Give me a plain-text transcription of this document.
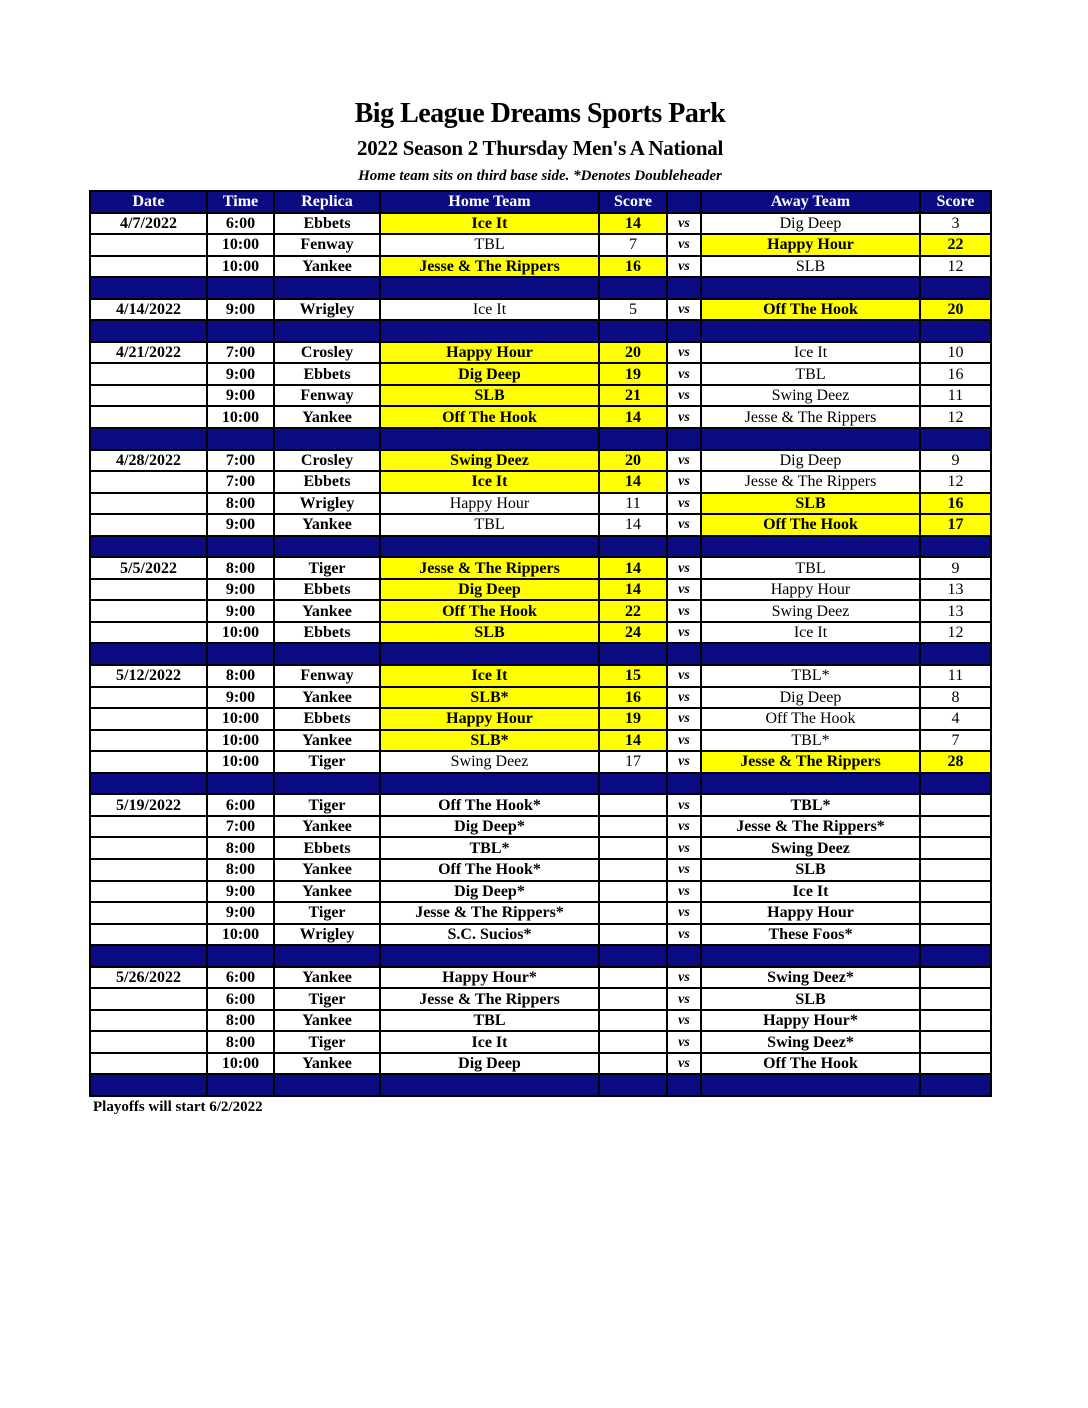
Big League Dreams Sports Park
2022 Season 2 Thursday Men's A National
Home team sits on third base side. *Denotes Doubleheader
Date	Time	Replica	Home Team	Score		Away Team	Score
4/7/2022	6:00	Ebbets	Ice It	14	vs	Dig Deep	3
	10:00	Fenway	TBL	7	vs	Happy Hour	22
	10:00	Yankee	Jesse & The Rippers	16	vs	SLB	12

4/14/2022	9:00	Wrigley	Ice It	5	vs	Off The Hook	20

4/21/2022	7:00	Crosley	Happy Hour	20	vs	Ice It	10
	9:00	Ebbets	Dig Deep	19	vs	TBL	16
	9:00	Fenway	SLB	21	vs	Swing Deez	11
	10:00	Yankee	Off The Hook	14	vs	Jesse & The Rippers	12

4/28/2022	7:00	Crosley	Swing Deez	20	vs	Dig Deep	9
	7:00	Ebbets	Ice It	14	vs	Jesse & The Rippers	12
	8:00	Wrigley	Happy Hour	11	vs	SLB	16
	9:00	Yankee	TBL	14	vs	Off The Hook	17

5/5/2022	8:00	Tiger	Jesse & The Rippers	14	vs	TBL	9
	9:00	Ebbets	Dig Deep	14	vs	Happy Hour	13
	9:00	Yankee	Off The Hook	22	vs	Swing Deez	13
	10:00	Ebbets	SLB	24	vs	Ice It	12

5/12/2022	8:00	Fenway	Ice It	15	vs	TBL*	11
	9:00	Yankee	SLB*	16	vs	Dig Deep	8
	10:00	Ebbets	Happy Hour	19	vs	Off The Hook	4
	10:00	Yankee	SLB*	14	vs	TBL*	7
	10:00	Tiger	Swing Deez	17	vs	Jesse & The Rippers	28

5/19/2022	6:00	Tiger	Off The Hook*		vs	TBL*	
	7:00	Yankee	Dig Deep*		vs	Jesse & The Rippers*	
	8:00	Ebbets	TBL*		vs	Swing Deez	
	8:00	Yankee	Off The Hook*		vs	SLB	
	9:00	Yankee	Dig Deep*		vs	Ice It	
	9:00	Tiger	Jesse & The Rippers*		vs	Happy Hour	
	10:00	Wrigley	S.C. Sucios*		vs	These Foos*	

5/26/2022	6:00	Yankee	Happy Hour*		vs	Swing Deez*	
	6:00	Tiger	Jesse & The Rippers		vs	SLB	
	8:00	Yankee	TBL		vs	Happy Hour*	
	8:00	Tiger	Ice It		vs	Swing Deez*	
	10:00	Yankee	Dig Deep		vs	Off The Hook	

Playoffs will start 6/2/2022
